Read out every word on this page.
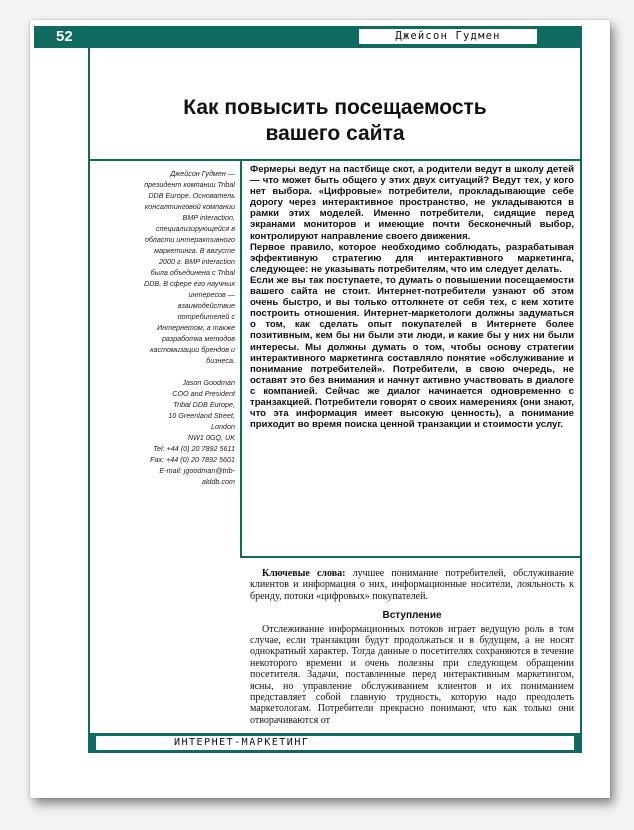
52	Джейсон Гудмен
Как повысить посещаемость
вашего сайта

Джейсон Гудмен —

президент компании Tribal

DDB Europe. Основатель

консалтинговой компании

BMP interaction,

специализирующейся в

области интерактивного

маркетинга. В августе

2000 г. BMP interaction

была объединена с Tribal

DDB. В сфере его научных

интересов —

взаимодействие

потребителей с

Интернетом, а также

разработка методов

кастомизации брендов и

бизнеса.

Jason Goodman

COO and President

Tribal DDB Europe,

10 Greenland Street,

London

NW1 0GQ, UK

Tel: +44 (0) 20 7892 5611

Fax: +44 (0) 20 7892 5601

E-mail: jgoodman@trib-

alddb.com

Фермеры ведут на пастбище скот, а родители ведут в школу детей — что может быть общего у этих двух ситуаций? Ведут тех, у кого нет выбора. «Цифровые» потребители, прокладывающие себе дорогу через интерактивное пространство, не укладываются в рамки этих моделей. Именно потребители, сидящие перед экранами мониторов и имеющие почти бесконечный выбор, контролируют направление своего движения.

Первое правило, которое необходимо соблюдать, разрабатывая эффективную стратегию для интерактивного маркетинга, следующее: не указывать потребителям, что им следует делать.

Если же вы так поступаете, то думать о повышении посещаемости вашего сайта не стоит. Интернет-потребители узнают об этом очень быстро, и вы только оттолкнете от себя тех, с кем хотите построить отношения. Интернет-маркетологи должны задуматься о том, как сделать опыт покупателей в Интернете более позитивным, кем бы ни были эти люди, и какие бы у них ни были интересы. Мы должны думать о том, чтобы основу стратегии интерактивного маркетинга составляло понятие «обслуживание и понимание потребителей». Потребители, в свою очередь, не оставят это без внимания и начнут активно участвовать в диалоге с компанией. Сейчас же диалог начинается одновременно с транзакцией. Потребители говорят о своих намерениях (они знают, что эта информация имеет высокую ценность), а понимание приходит во время поиска ценной транзакции и стоимости услуг.

Ключевые слова: лучшее понимание потребителей, обслуживание клиентов и информация о них, информационные носители, лояльность к бренду, потоки «цифровых» покупателей.

Вступление

Отслеживание информационных потоков играет ведущую роль в том случае, если транзакции будут продолжаться и в будущем, а не носят однократный характер. Тогда данные о посетителях сохраняются в течение некоторого времени и очень полезны при следующем обращении посетителя. Задачи, поставленные перед интерактивным маркетингом, ясны, но управление обслуживанием клиентов и их пониманием представляет собой главную трудность, которую надо преодолеть маркетологам. Потребители прекрасно понимают, что как только они отворачиваются от

ИНТЕРНЕТ-МАРКЕТИНГ
